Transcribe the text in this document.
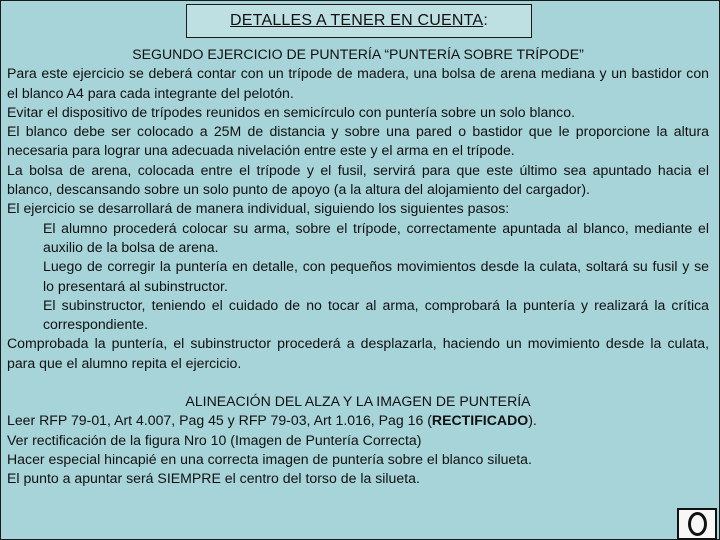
DETALLES A TENER EN CUENTA:

SEGUNDO EJERCICIO DE PUNTERÍA “PUNTERÍA SOBRE TRÍPODE”

Para este ejercicio se deberá contar con un trípode de madera, una bolsa de arena mediana y un bastidor con el blanco A4 para cada integrante del pelotón.

Evitar el dispositivo de trípodes reunidos en semicírculo con puntería sobre un solo blanco.

El blanco debe ser colocado a 25M de distancia y sobre una pared o bastidor que le proporcione la altura necesaria para lograr una adecuada nivelación entre este y el arma en el trípode.

La bolsa de arena, colocada entre el trípode y el fusil, servirá para que este último sea apuntado hacia el blanco, descansando sobre un solo punto de apoyo (a la altura del alojamiento del cargador).

El ejercicio se desarrollará de manera individual, siguiendo los siguientes pasos:

El alumno procederá colocar su arma, sobre el trípode, correctamente apuntada al blanco, mediante el auxilio de la bolsa de arena.

Luego de corregir la puntería en detalle, con pequeños movimientos desde la culata, soltará su fusil y se lo presentará al subinstructor.

El subinstructor, teniendo el cuidado de no tocar al arma, comprobará la puntería y realizará la crítica correspondiente.

Comprobada la puntería, el subinstructor procederá a desplazarla, haciendo un movimiento desde la culata, para que el alumno repita el ejercicio.

ALINEACIÓN DEL ALZA Y LA IMAGEN DE PUNTERÍA

Leer RFP 79-01, Art 4.007, Pag 45 y RFP 79-03, Art 1.016, Pag 16 (RECTIFICADO).

Ver rectificación de la figura Nro 10 (Imagen de Puntería Correcta)

Hacer especial hincapié en una correcta imagen de puntería sobre el blanco silueta.

El punto a apuntar será SIEMPRE el centro del torso de la silueta.
